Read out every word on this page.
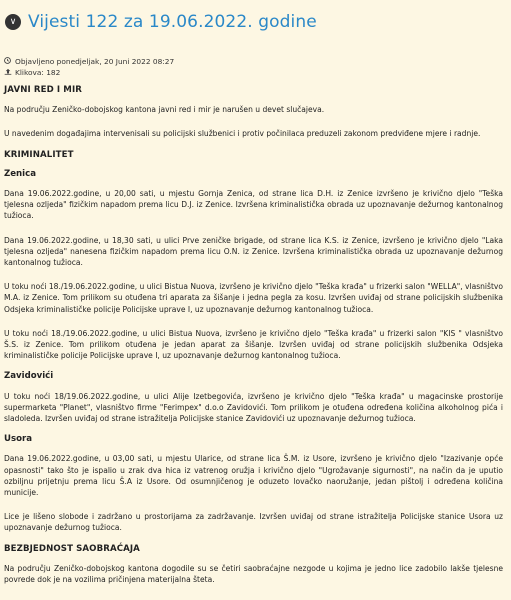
∨ Vijesti 122 za 19.06.2022. godine
Objavljeno ponedjeljak, 20 Juni 2022 08:27
Klikova: 182
JAVNI RED I MIR

Na području Zeničko-dobojskog kantona javni red i mir je narušen u devet slučajeva.

U navedenim događajima intervenisali su policijski službenici i protiv počinilaca preduzeli zakonom predviđene mjere i radnje.

KRIMINALITET
Zenica

Dana 19.06.2022.godine, u 20,00 sati, u mjestu Gornja Zenica, od strane lica D.H. iz Zenice izvršeno je krivično djelo "Teška tjelesna ozljeda" fizičkim napadom prema licu D.J. iz Zenice. Izvršena kriminalistička obrada uz upoznavanje dežurnog kantonalnog tužioca.

Dana 19.06.2022.godine, u 18,30 sati, u ulici Prve zeničke brigade, od strane lica K.S. iz Zenice, izvršeno je krivično djelo "Laka tjelesna ozljeda" nanesena fizičkim napadom prema licu O.N. iz Zenice. Izvršena kriminalistička obrada uz upoznavanje dežurnog kantonalnog tužioca.

U toku noći 18./19.06.2022.godine, u ulici Bistua Nuova, izvršeno je krivično djelo "Teška krađa" u frizerki salon "WELLA", vlasništvo M.A. iz Zenice. Tom prilikom su otuđena tri aparata za šišanje i jedna pegla za kosu. Izvršen uviđaj od strane policijskih službenika Odsjeka kriminalističke policije Policijske uprave I, uz upoznavanje dežurnog kantonalnog tužioca.

U toku noći 18./19.06.2022.godine, u ulici Bistua Nuova, izvršeno je krivično djelo "Teška krađa" u frizerki salon "KIS " vlasništvo Š.S. iz Zenice. Tom prilikom otuđena je jedan aparat za šišanje. Izvršen uviđaj od strane policijskih službenika Odsjeka kriminalističke policije Policijske uprave I, uz upoznavanje dežurnog kantonalnog tužioca.

Zavidovići

U toku noći 18/19.06.2022.godine, u ulici Alije Izetbegovića, izvršeno je krivično djelo "Teška krađa" u magacinske prostorije supermarketa "Planet", vlasništvo firme "Ferimpex" d.o.o Zavidovići. Tom prilikom je otuđena određena količina alkoholnog pića i sladoleda. Izvršen uviđaj od strane istražitelja Policijske stanice Zavidovići uz upoznavanje dežurnog tužioca.

Usora

Dana 19.06.2022.godine, u 03,00 sati, u mjestu Ularice, od strane lica Š.M. iz Usore, izvršeno je krivično djelo "Izazivanje opće opasnosti" tako što je ispalio u zrak dva hica iz vatrenog oružja i krivično djelo "Ugrožavanje sigurnosti", na način da je uputio ozbiljnu prijetnju prema licu Š.A iz Usore. Od osumnjičenog je oduzeto lovačko naoružanje, jedan pištolj i određena količina municije.

Lice je lišeno slobode i zadržano u prostorijama za zadržavanje. Izvršen uviđaj od strane istražitelja Policijske stanice Usora uz upoznavanje dežurnog tužioca.

BEZBJEDNOST SAOBRAĆAJA

Na području Zeničko-dobojskog kantona dogodile su se četiri saobraćajne nezgode u kojima je jedno lice zadobilo lakše tjelesne povrede dok je na vozilima pričinjena materijalna šteta.
